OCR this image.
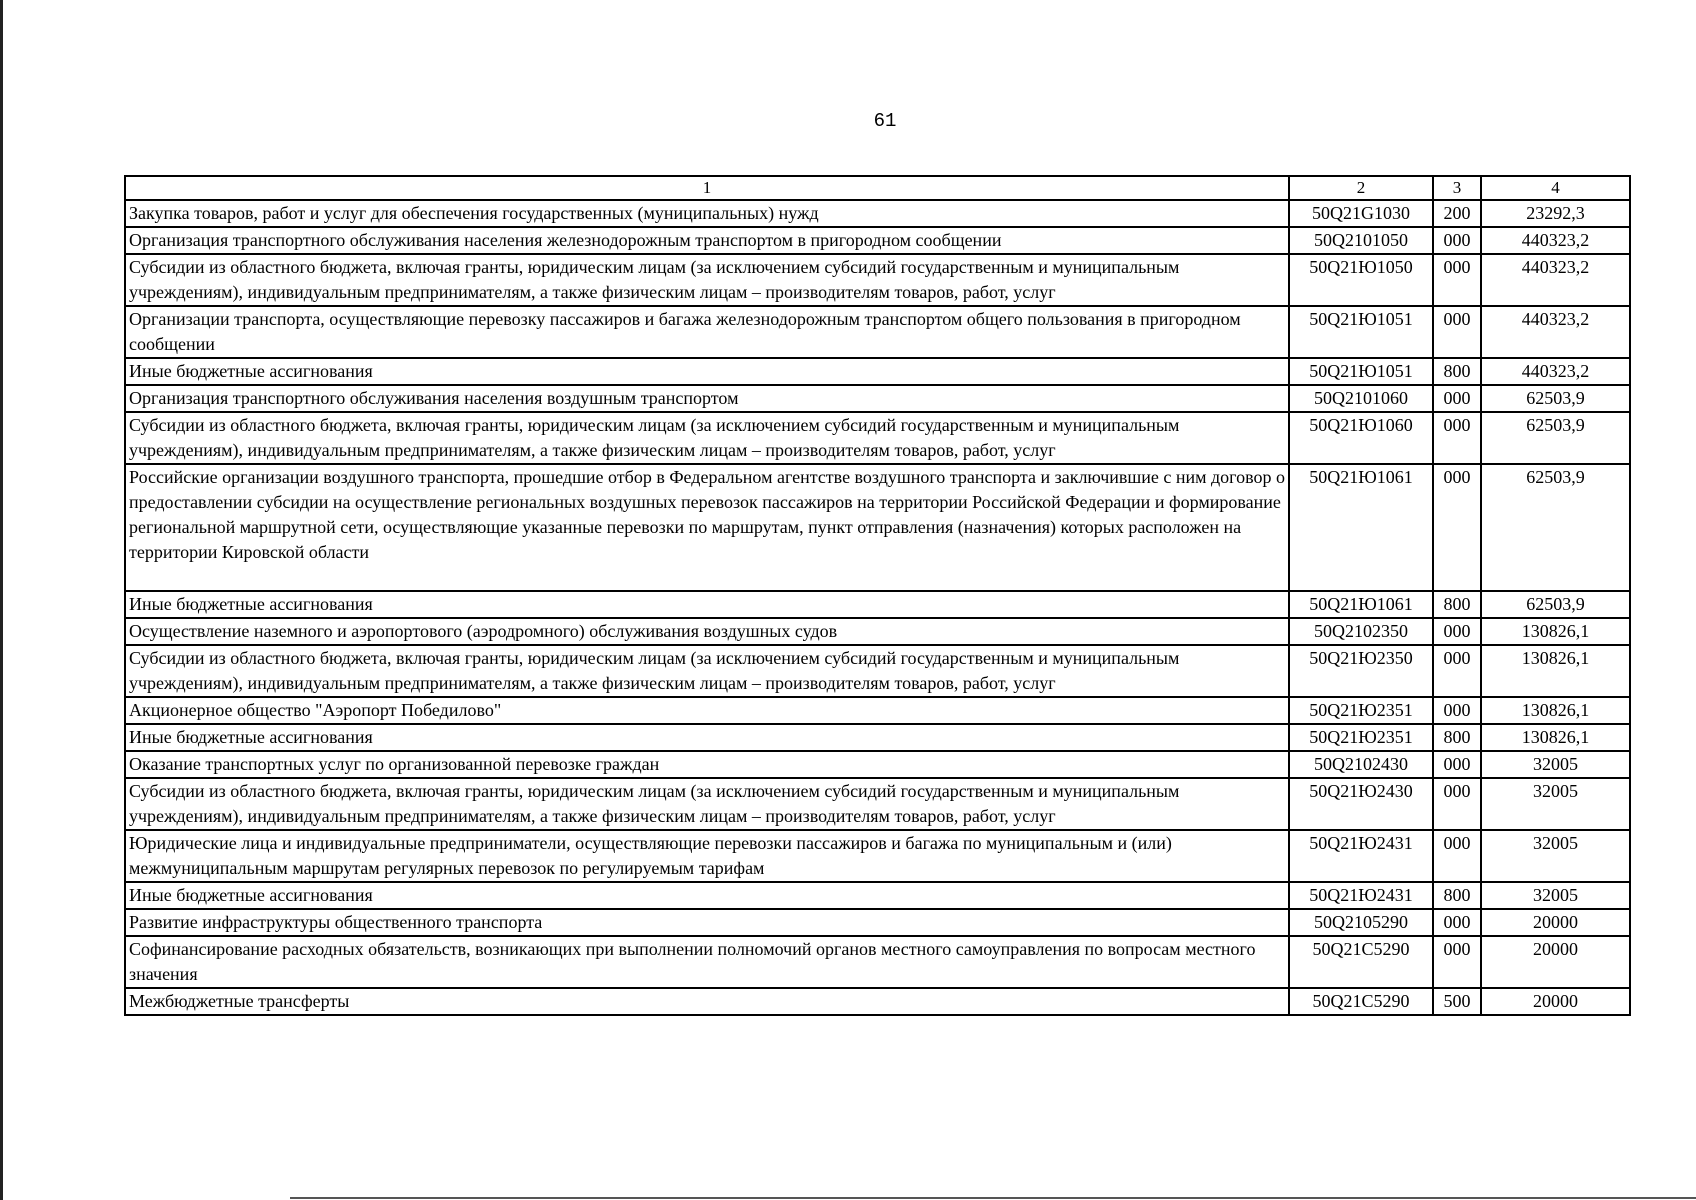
61
1	2	3	4
Закупка товаров, работ и услуг для обеспечения государственных (муниципальных) нужд	50Q21G1030	200	23292,3
Организация транспортного обслуживания населения железнодорожным транспортом в пригородном сообщении	50Q2101050	000	440323,2
Субсидии из областного бюджета, включая гранты, юридическим лицам (за исключением субсидий государственным и муниципальным учреждениям), индивидуальным предпринимателям, а также физическим лицам – производителям товаров, работ, услуг	50Q21Ю1050	000	440323,2
Организации транспорта, осуществляющие перевозку пассажиров и багажа железнодорожным транспортом общего пользования в пригородном сообщении	50Q21Ю1051	000	440323,2
Иные бюджетные ассигнования	50Q21Ю1051	800	440323,2
Организация транспортного обслуживания населения воздушным транспортом	50Q2101060	000	62503,9
Субсидии из областного бюджета, включая гранты, юридическим лицам (за исключением субсидий государственным и муниципальным учреждениям), индивидуальным предпринимателям, а также физическим лицам – производителям товаров, работ, услуг	50Q21Ю1060	000	62503,9
Российские организации воздушного транспорта, прошедшие отбор в Федеральном агентстве воздушного транспорта и заключившие с ним договор о предоставлении субсидии на осуществление региональных воздушных перевозок пассажиров на территории Российской Федерации и формирование региональной маршрутной сети, осуществляющие указанные перевозки по маршрутам, пункт отправления (назначения) которых расположен на территории Кировской области	50Q21Ю1061	000	62503,9
Иные бюджетные ассигнования	50Q21Ю1061	800	62503,9
Осуществление наземного и аэропортового (аэродромного) обслуживания воздушных судов	50Q2102350	000	130826,1
Субсидии из областного бюджета, включая гранты, юридическим лицам (за исключением субсидий государственным и муниципальным учреждениям), индивидуальным предпринимателям, а также физическим лицам – производителям товаров, работ, услуг	50Q21Ю2350	000	130826,1
Акционерное общество "Аэропорт Победилово"	50Q21Ю2351	000	130826,1
Иные бюджетные ассигнования	50Q21Ю2351	800	130826,1
Оказание транспортных услуг по организованной перевозке граждан	50Q2102430	000	32005
Субсидии из областного бюджета, включая гранты, юридическим лицам (за исключением субсидий государственным и муниципальным учреждениям), индивидуальным предпринимателям, а также физическим лицам – производителям товаров, работ, услуг	50Q21Ю2430	000	32005
Юридические лица и индивидуальные предприниматели, осуществляющие перевозки пассажиров и багажа по муниципальным и (или) межмуниципальным маршрутам регулярных перевозок по регулируемым тарифам	50Q21Ю2431	000	32005
Иные бюджетные ассигнования	50Q21Ю2431	800	32005
Развитие инфраструктуры общественного транспорта	50Q2105290	000	20000
Софинансирование расходных обязательств, возникающих при выполнении полномочий органов местного самоуправления по вопросам местного значения	50Q21C5290	000	20000
Межбюджетные трансферты	50Q21C5290	500	20000
